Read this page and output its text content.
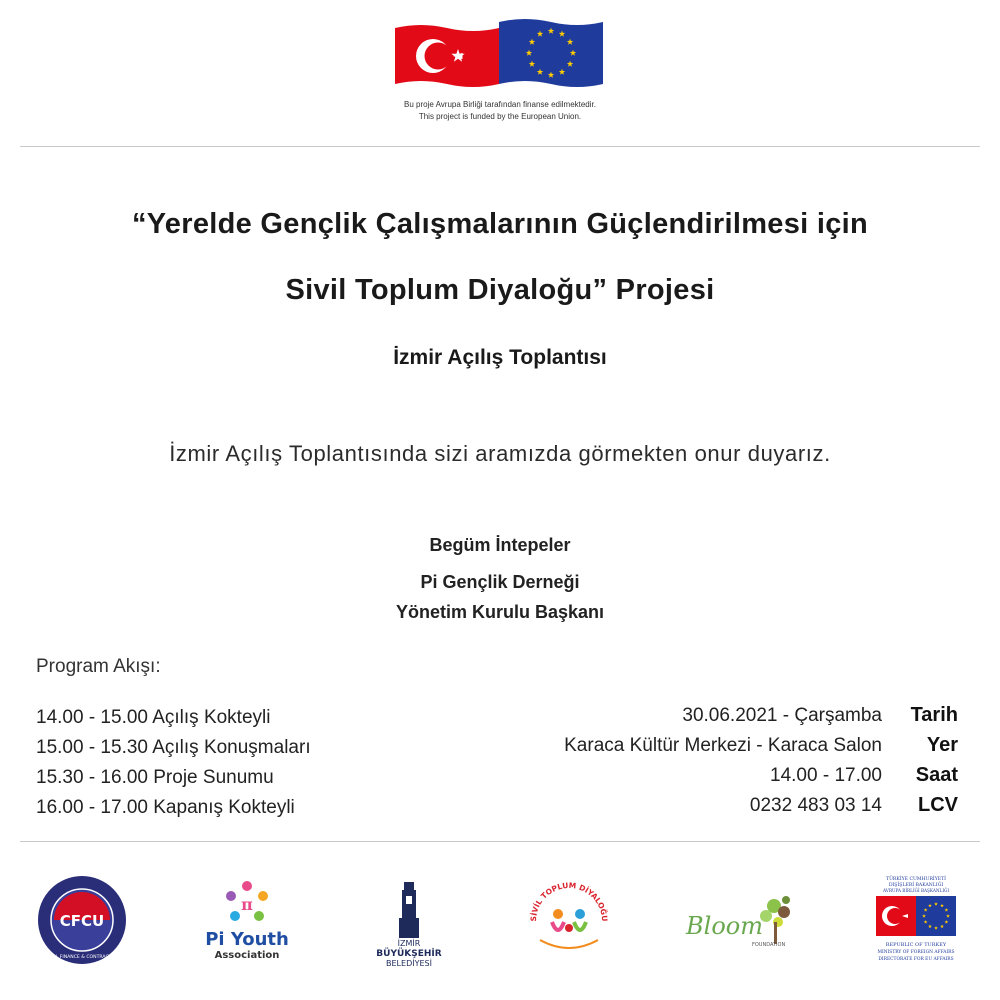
Bu proje Avrupa Birliği tarafından finanse edilmektedir.
This project is funded by the European Union.
“Yerelde Gençlik Çalışmalarının Güçlendirilmesi için
Sivil Toplum Diyaloğu” Projesi
İzmir Açılış Toplantısı
İzmir Açılış Toplantısında sizi aramızda görmekten onur duyarız.
Begüm İntepeler
Pi Gençlik Derneği
Yönetim Kurulu Başkanı
Program Akışı:
14.00 - 15.00 Açılış Kokteyli
15.00 - 15.30 Açılış Konuşmaları
15.30 - 16.00 Proje Sunumu
16.00 - 17.00 Kapanış Kokteyli
30.06.2021 - Çarşamba Tarih
Karaca Kültür Merkezi - Karaca Salon Yer
14.00 - 17.00 Saat
0232 483 03 14 LCV
CFCU
CENTRAL FINANCE & CONTRACTS UNIT
π
Pi Youth
Association
İZMİR
BÜYÜKŞEHİR
BELEDİYESİ
SİVİL TOPLUM DİYALOĞU	Bloom
FOUNDATION
TÜRKİYE CUMHURİYETİ
DIŞİŞLERİ BAKANLIĞI
AVRUPA BİRLİĞİ BAŞKANLIĞI
REPUBLIC OF TURKEY
MINISTRY OF FOREIGN AFFAIRS
DIRECTORATE FOR EU AFFAIRS
